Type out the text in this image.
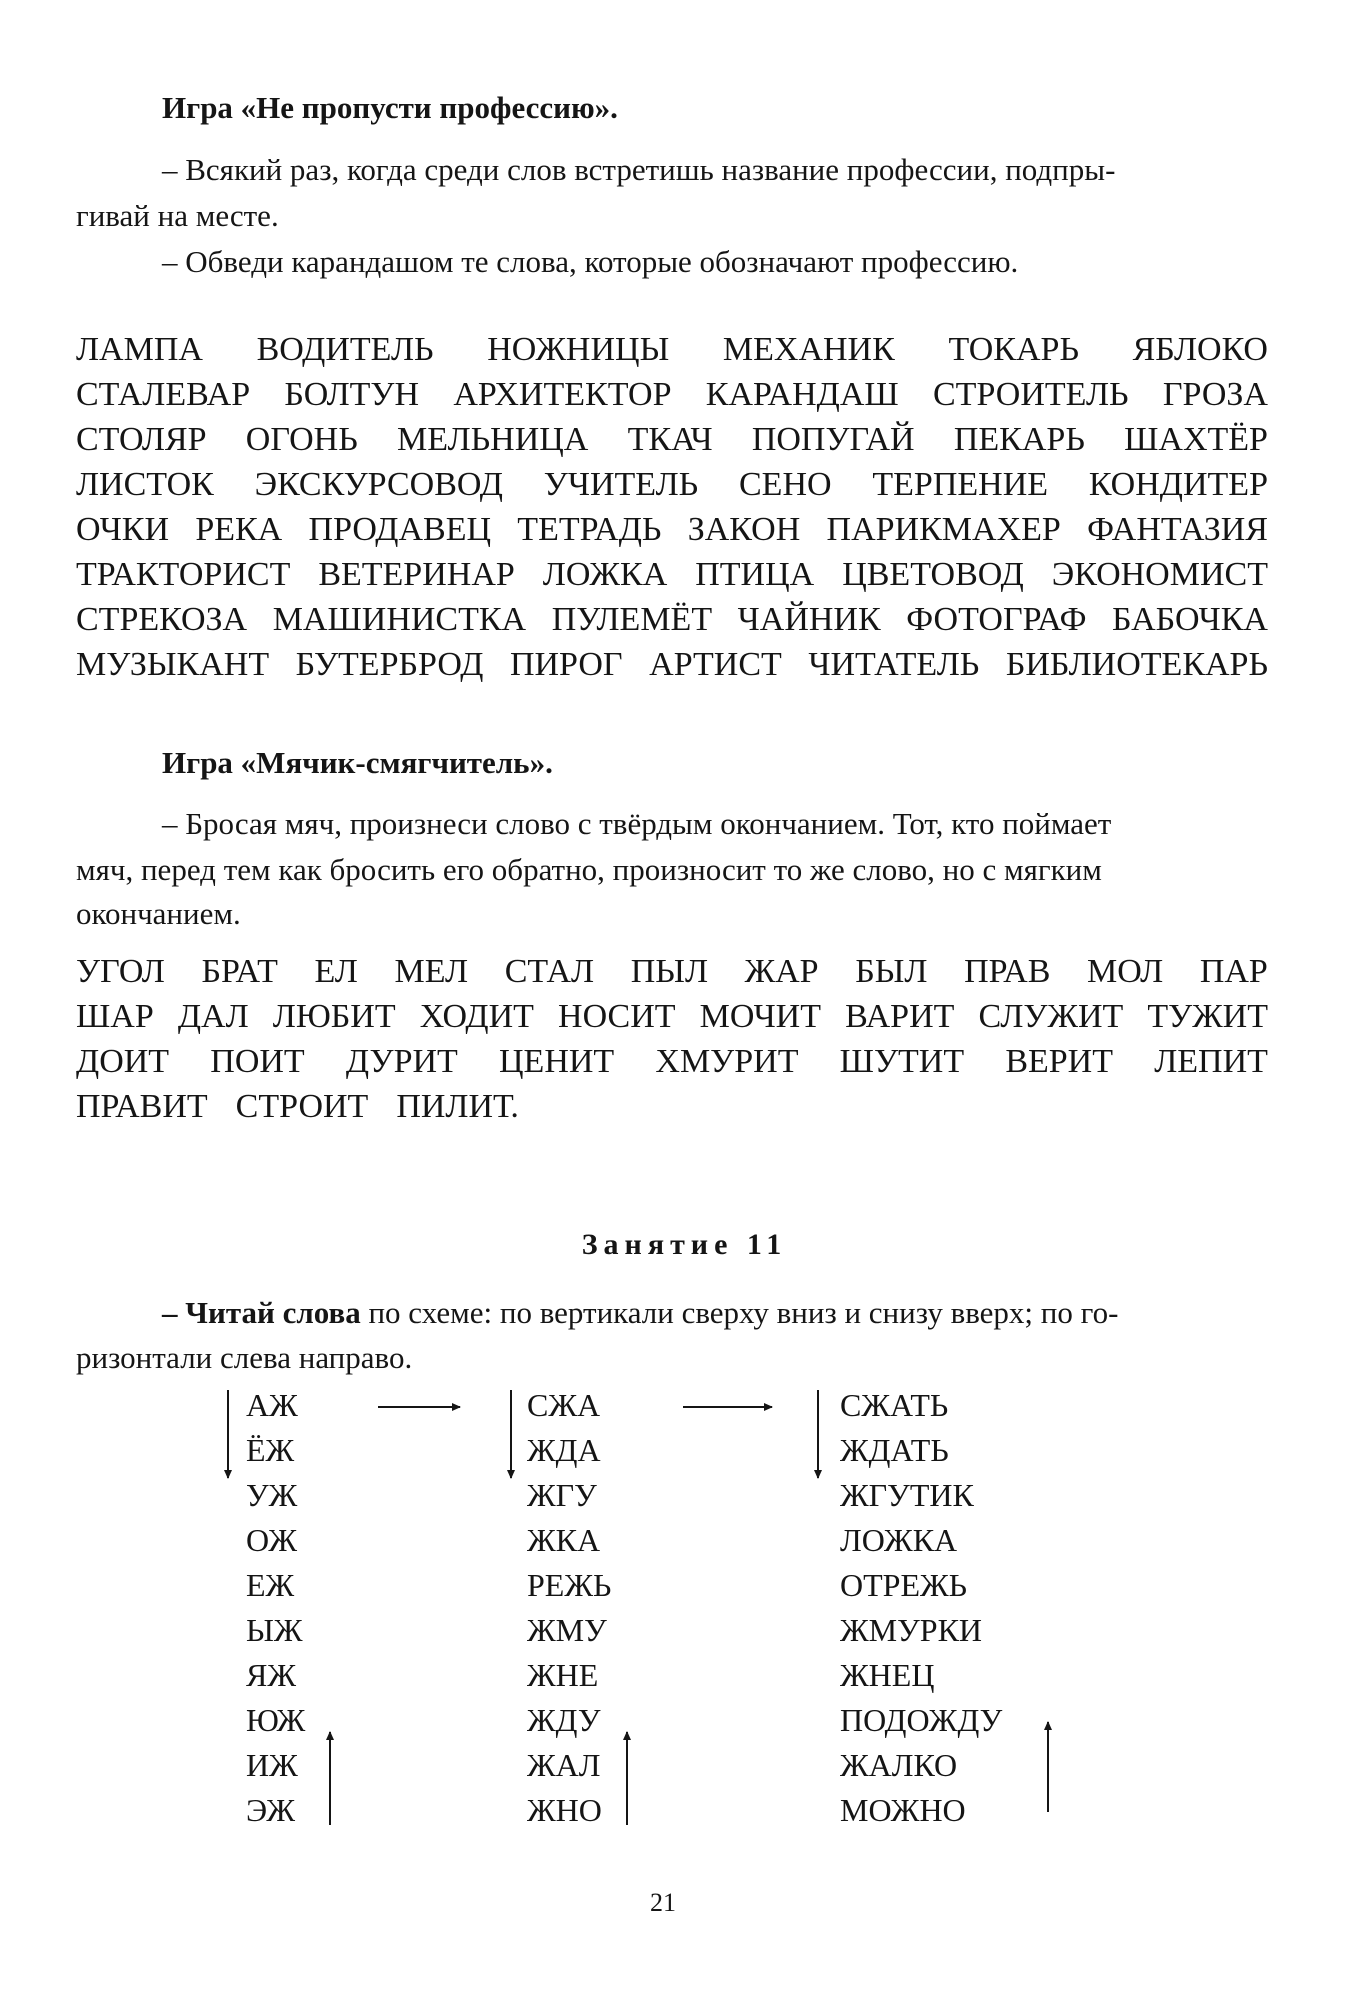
Игра «Не пропусти профессию».
– Всякий раз, когда среди слов встретишь название профессии, подпры-
гивай на месте.
– Обведи карандашом те слова, которые обозначают профессию.
ЛАМПА ВОДИТЕЛЬ НОЖНИЦЫ МЕХАНИК ТОКАРЬ ЯБЛОКО
СТАЛЕВАР БОЛТУН АРХИТЕКТОР КАРАНДАШ СТРОИТЕЛЬ ГРОЗА
СТОЛЯР ОГОНЬ МЕЛЬНИЦА ТКАЧ ПОПУГАЙ ПЕКАРЬ ШАХТЁР
ЛИСТОК ЭКСКУРСОВОД УЧИТЕЛЬ СЕНО ТЕРПЕНИЕ КОНДИТЕР
ОЧКИ РЕКА ПРОДАВЕЦ ТЕТРАДЬ ЗАКОН ПАРИКМАХЕР ФАНТАЗИЯ
ТРАКТОРИСТ ВЕТЕРИНАР ЛОЖКА ПТИЦА ЦВЕТОВОД ЭКОНОМИСТ
СТРЕКОЗА МАШИНИСТКА ПУЛЕМЁТ ЧАЙНИК ФОТОГРАФ БАБОЧКА
МУЗЫКАНТ БУТЕРБРОД ПИРОГ АРТИСТ ЧИТАТЕЛЬ БИБЛИОТЕКАРЬ
Игра «Мячик-смягчитель».
– Бросая мяч, произнеси слово с твёрдым окончанием. Тот, кто поймает
мяч, перед тем как бросить его обратно, произносит то же слово, но с мягким
окончанием.
УГОЛ БРАТ ЕЛ МЕЛ СТАЛ ПЫЛ ЖАР БЫЛ ПРАВ МОЛ ПАР
ШАР ДАЛ ЛЮБИТ ХОДИТ НОСИТ МОЧИТ ВАРИТ СЛУЖИТ ТУЖИТ
ДОИТ ПОИТ ДУРИТ ЦЕНИТ ХМУРИТ ШУТИТ ВЕРИТ ЛЕПИТ
ПРАВИТ СТРОИТ ПИЛИТ.
Занятие 11
– Читай слова по схеме: по вертикали сверху вниз и снизу вверх; по го-
ризонтали слева направо.
АЖ
ЁЖ
УЖ
ОЖ
ЕЖ
ЫЖ
ЯЖ
ЮЖ
ИЖ
ЭЖ
СЖА
ЖДА
ЖГУ
ЖКА
РЕЖЬ
ЖМУ
ЖНЕ
ЖДУ
ЖАЛ
ЖНО
СЖАТЬ
ЖДАТЬ
ЖГУТИК
ЛОЖКА
ОТРЕЖЬ
ЖМУРКИ
ЖНЕЦ
ПОДОЖДУ
ЖАЛКО
МОЖНО
21
